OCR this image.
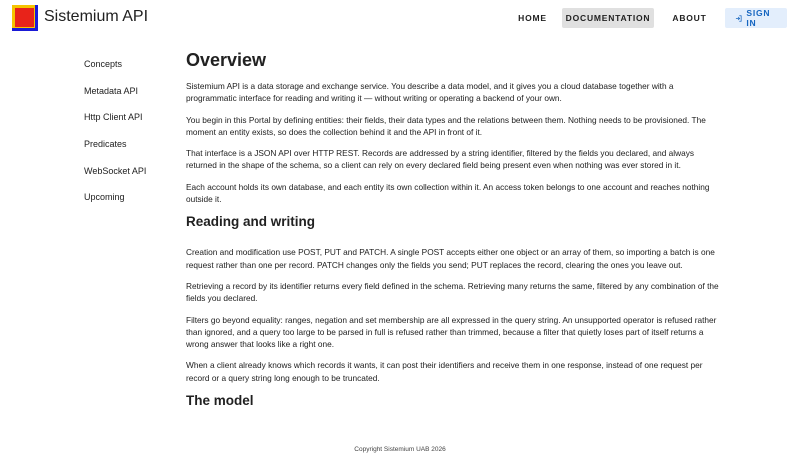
Sistemium API	HOME	DOCUMENTATION	ABOUT	SIGN IN
Concepts
Metadata API
Http Client API
Predicates
WebSocket API
Upcoming
Overview

Sistemium API is a data storage and exchange service. You describe a data model, and it gives you a cloud database together with a programmatic interface for reading and writing it — without writing or operating a backend of your own.

You begin in this Portal by defining entities: their fields, their data types and the relations between them. Nothing needs to be provisioned. The moment an entity exists, so does the collection behind it and the API in front of it.

That interface is a JSON API over HTTP REST. Records are addressed by a string identifier, filtered by the fields you declared, and always returned in the shape of the schema, so a client can rely on every declared field being present even when nothing was ever stored in it.

Each account holds its own database, and each entity its own collection within it. An access token belongs to one account and reaches nothing outside it.

Reading and writing

Creation and modification use POST, PUT and PATCH. A single POST accepts either one object or an array of them, so importing a batch is one request rather than one per record. PATCH changes only the fields you send; PUT replaces the record, clearing the ones you leave out.

Retrieving a record by its identifier returns every field defined in the schema. Retrieving many returns the same, filtered by any combination of the fields you declared.

Filters go beyond equality: ranges, negation and set membership are all expressed in the query string. An unsupported operator is refused rather than ignored, and a query too large to be parsed in full is refused rather than trimmed, because a filter that quietly loses part of itself returns a wrong answer that looks like a right one.

When a client already knows which records it wants, it can post their identifiers and receive them in one response, instead of one request per record or a query string long enough to be truncated.

The model
Copyright Sistemium UAB 2026
